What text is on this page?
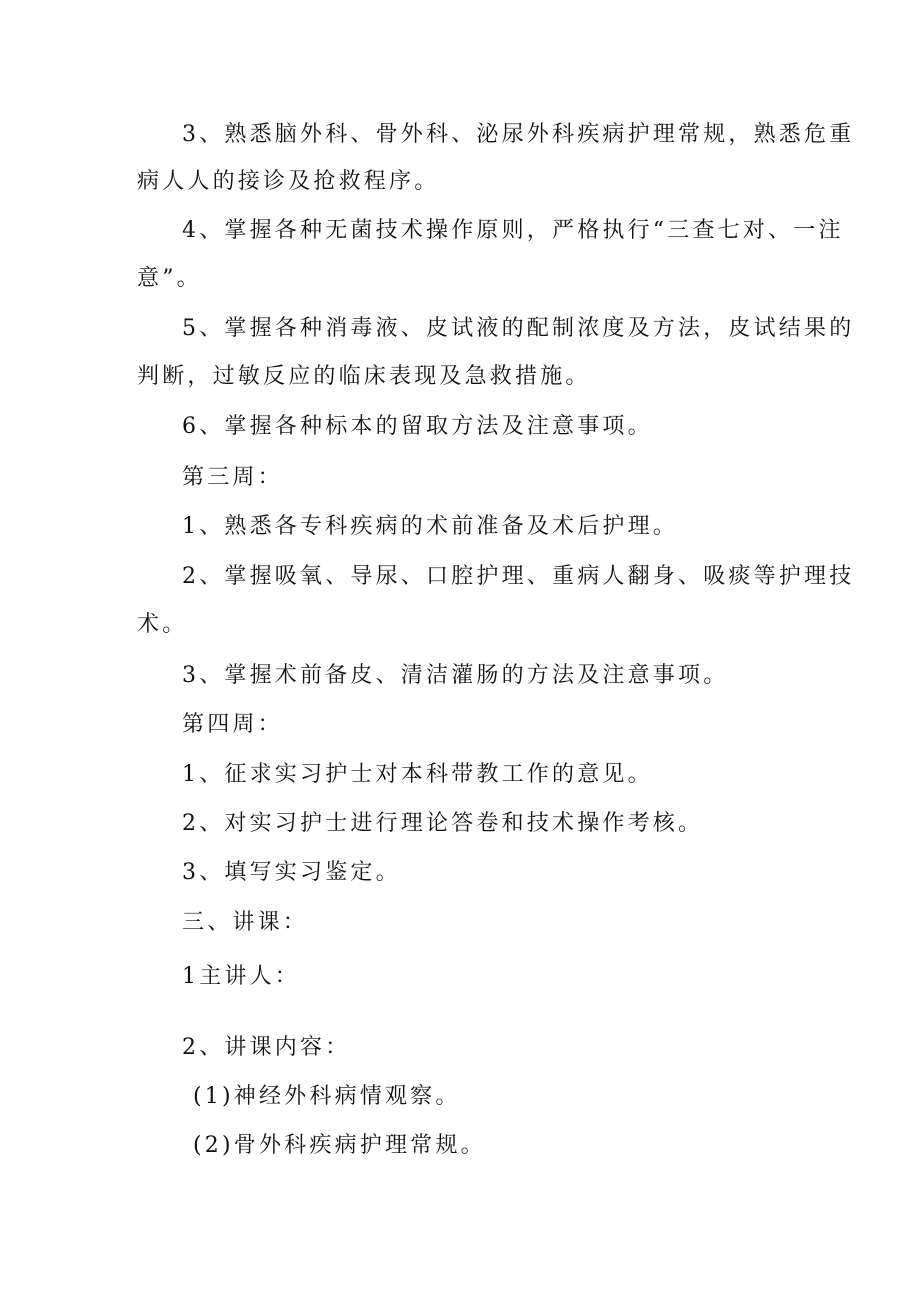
3、熟悉脑外科、骨外科、泌尿外科疾病护理常规，熟悉危重
病人人的接诊及抢救程序。
4、掌握各种无菌技术操作原则，严格执行“三查七对、一注
意”。
5、掌握各种消毒液、皮试液的配制浓度及方法，皮试结果的
判断，过敏反应的临床表现及急救措施。
6、掌握各种标本的留取方法及注意事项。
第三周：
1、熟悉各专科疾病的术前准备及术后护理。
2、掌握吸氧、导尿、口腔护理、重病人翻身、吸痰等护理技
术。
3、掌握术前备皮、清洁灌肠的方法及注意事项。
第四周：
1、征求实习护士对本科带教工作的意见。
2、对实习护士进行理论答卷和技术操作考核。
3、填写实习鉴定。
三、讲课：
1主讲人：
2、讲课内容：
(1)神经外科病情观察。
(2)骨外科疾病护理常规。
